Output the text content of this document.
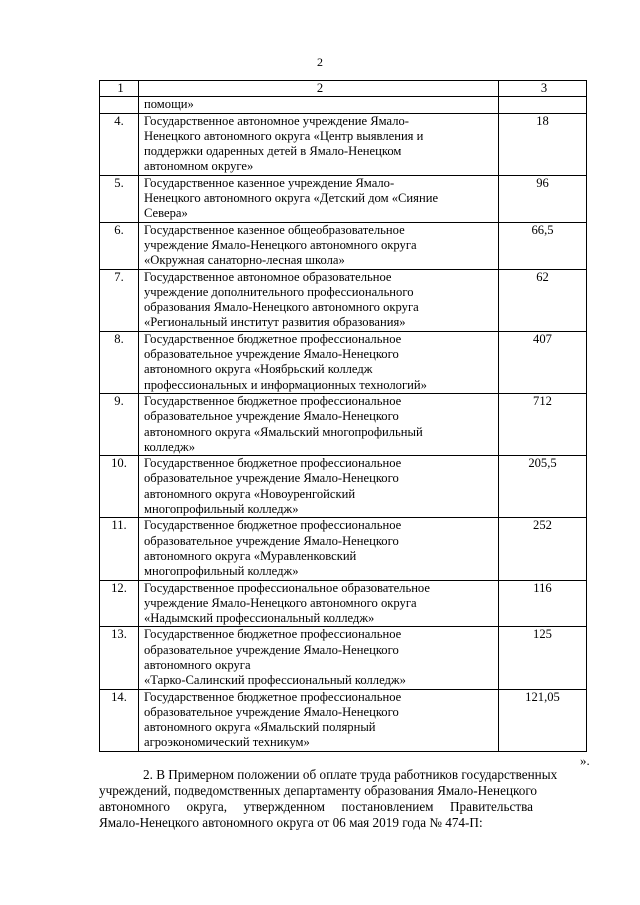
2
1	2	3

	помощи»	

4.	Государственное автономное учреждение Ямало-
Ненецкого автономного округа «Центр выявления и
поддержки одаренных детей в Ямало-Ненецком
автономном округе»	18
5.	Государственное казенное учреждение Ямало-
Ненецкого автономного округа «Детский дом «Сияние
Севера»	96
6.	Государственное казенное общеобразовательное
учреждение Ямало-Ненецкого автономного округа
«Окружная санаторно-лесная школа»	66,5
7.	Государственное автономное образовательное
учреждение дополнительного профессионального
образования Ямало-Ненецкого автономного округа
«Региональный институт развития образования»	62
8.	Государственное бюджетное профессиональное
образовательное учреждение Ямало-Ненецкого
автономного округа «Ноябрьский колледж
профессиональных и информационных технологий»	407
9.	Государственное бюджетное профессиональное
образовательное учреждение Ямало-Ненецкого
автономного округа «Ямальский многопрофильный
колледж»	712
10.	Государственное бюджетное профессиональное
образовательное учреждение Ямало-Ненецкого
автономного округа «Новоуренгойский
многопрофильный колледж»	205,5
11.	Государственное бюджетное профессиональное
образовательное учреждение Ямало-Ненецкого
автономного округа «Муравленковский
многопрофильный колледж»	252
12.	Государственное профессиональное образовательное
учреждение Ямало-Ненецкого автономного округа
«Надымский профессиональный колледж»	116
13.	Государственное бюджетное профессиональное
образовательное учреждение Ямало-Ненецкого
автономного округа
«Тарко-Салинский профессиональный колледж»	125
14.	Государственное бюджетное профессиональное
образовательное учреждение Ямало-Ненецкого
автономного округа «Ямальский полярный
агроэкономический техникум»	121,05
».
2. В Примерном положении об оплате труда работников государственных
учреждений, подведомственных департаменту образования Ямало-Ненецкого
автономного     округа,     утвержденном     постановлением     Правительства
Ямало-Ненецкого автономного округа от 06 мая 2019 года № 474-П:
